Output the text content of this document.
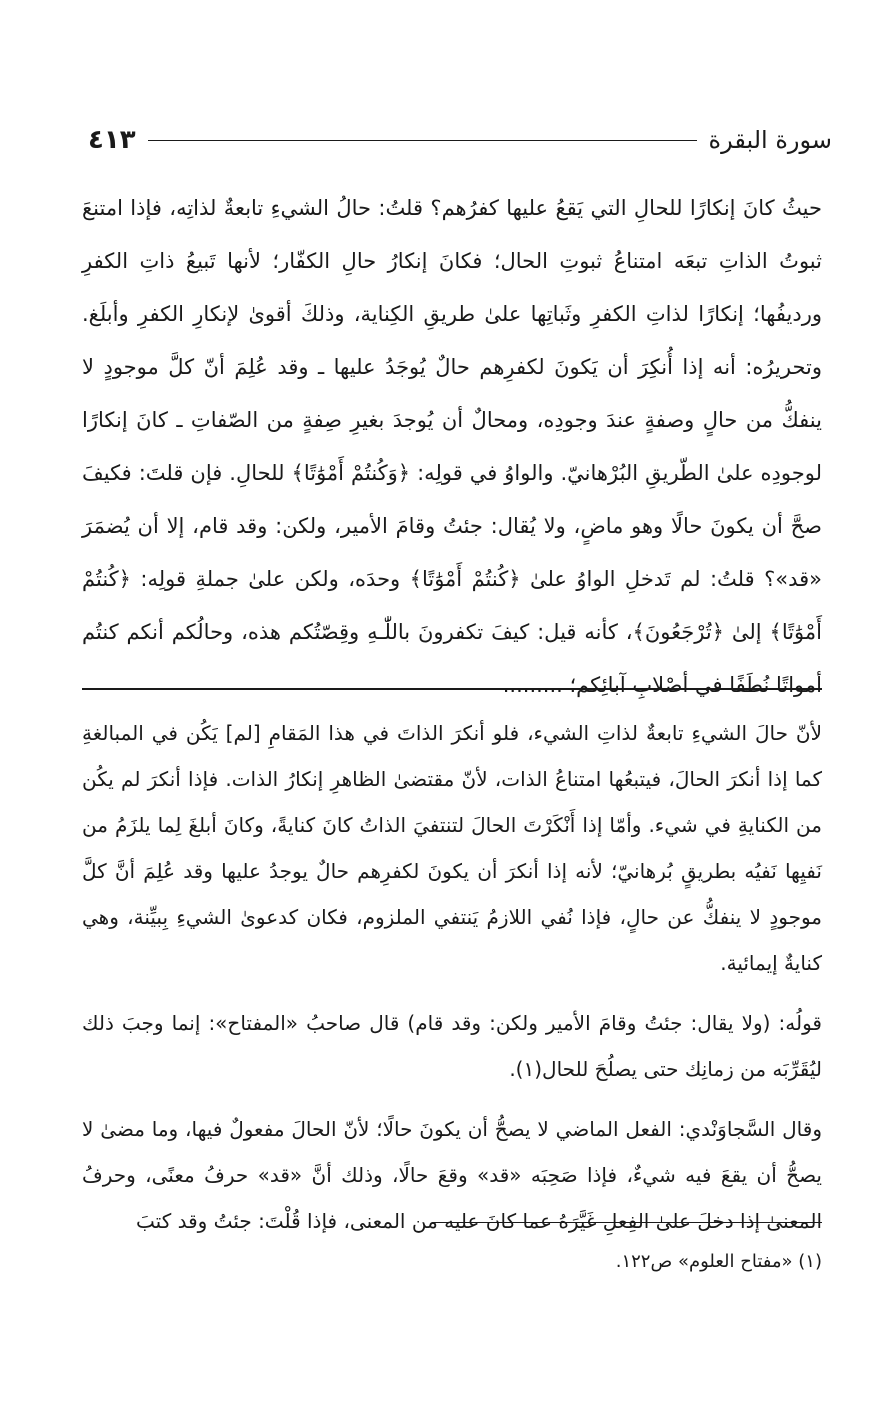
سورة البقرة
٤١٣

حيثُ كانَ إنكارًا للحالِ التي يَقعُ عليها كفرُهم؟ قلتُ: حالُ الشيءِ تابعةٌ لذاتِه، فإذا امتنعَ ثبوتُ الذاتِ تبعَه امتناعُ ثبوتِ الحال؛ فكانَ إنكارُ حالِ الكفّار؛ لأنها تَبيعُ ذاتِ الكفرِ ورديفُها؛ إنكارًا لذاتِ الكفرِ وثَباتِها علىٰ طريقِ الكِناية، وذلكَ أقوىٰ لإنكارِ الكفرِ وأبلَغ. وتحريرُه: أنه إذا أُنكِرَ أن يَكونَ لكفرِهم حالٌ يُوجَدُ عليها ـ وقد عُلِمَ أنّ كلَّ موجودٍ لا ينفكُّ من حالٍ وصفةٍ عندَ وجودِه، ومحالٌ أن يُوجدَ بغيرِ صِفةٍ من الصّفاتِ ـ كانَ إنكارًا لوجودِه علىٰ الطّريقِ البُرْهانيّ. والواوُ في قولِه: ﴿وَكُنتُمْ أَمْوَٰتًا﴾ للحالِ. فإن قلتَ: فكيفَ صحَّ أن يكونَ حالًا وهو ماضٍ، ولا يُقال: جئتُ وقامَ الأمير، ولكن: وقد قام، إلا أن يُضمَرَ «قد»؟ قلتُ: لم تَدخلِ الواوُ علىٰ ﴿كُنتُمْ أَمْوَٰتًا﴾ وحدَه، ولكن علىٰ جملةِ قولِه: ﴿كُنتُمْ أَمْوَٰتًا﴾ إلىٰ ﴿تُرْجَعُونَ﴾، كأنه قيل: كيفَ تكفرونَ باللّٰـهِ وقِصّتُكم هذه، وحالُكم أنكم كنتُم أمواتًا نُطَفًا في أصْلابِ آبائِكم؛ .........

لأنّ حالَ الشيءِ تابعةٌ لذاتِ الشيء، فلو أنكرَ الذاتَ في هذا المَقامِ [لم] يَكُن في المبالغةِ كما إذا أنكرَ الحالَ، فيتبعُها امتناعُ الذات، لأنّ مقتضىٰ الظاهرِ إنكارُ الذات. فإذا أنكرَ لم يكُن من الكنايةِ في شيء. وأمّا إذا أَنْكَرْتَ الحالَ لتنتفيَ الذاتُ كانَ كنايةً، وكانَ أبلغَ لِما يلزَمُ من نَفيِها نَفيُه بطريقٍ بُرهانيّ؛ لأنه إذا أنكرَ أن يكونَ لكفرِهم حالٌ يوجدُ عليها وقد عُلِمَ أنَّ كلَّ موجودٍ لا ينفكُّ عن حالٍ، فإذا نُفي اللازمُ يَنتفي الملزوم، فكان كدعوىٰ الشيءِ بِبيِّنة، وهي كنايةٌ إيمائية.

قولُه: (ولا يقال: جئتُ وقامَ الأمير ولكن: وقد قام) قال صاحبُ «المفتاح»: إنما وجبَ ذلك ليُقَرِّبَه من زمانِك حتى يصلُحَ للحال(١).

وقال السَّجاوَنْدي: الفعل الماضي لا يصحُّ أن يكونَ حالًا؛ لأنّ الحالَ مفعولٌ فيها، وما مضىٰ لا يصحُّ أن يقعَ فيه شيءٌ، فإذا صَحِبَه «قد» وقعَ حالًا، وذلك أنَّ «قد» حرفُ معنًى، وحرفُ المعنىٰ إذا دخلَ علىٰ الفِعلِ غَيَّرَهُ عما كانَ عليه من المعنى، فإذا قُلْتَ: جئتُ وقد كتبَ

(١) «مفتاح العلوم» ص١٢٢.
